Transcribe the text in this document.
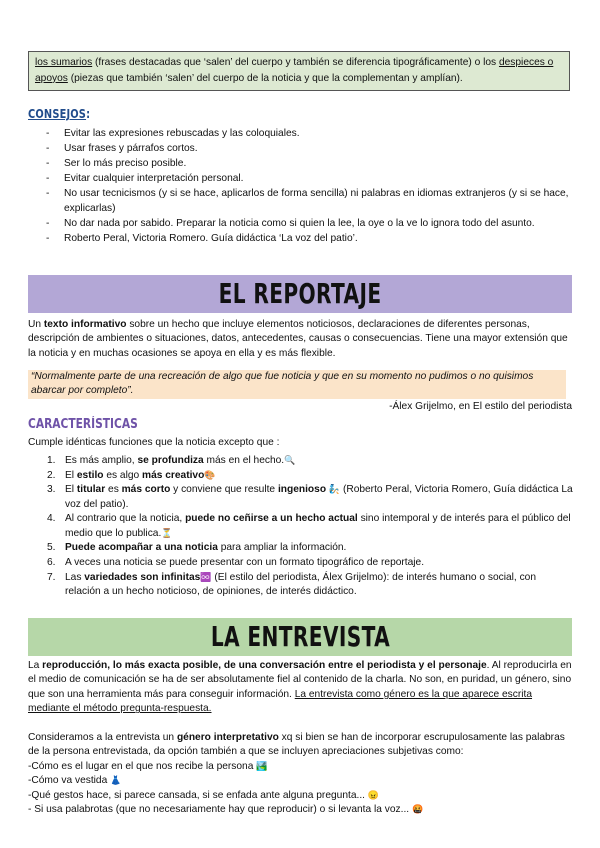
los sumarios (frases destacadas que ‘salen’ del cuerpo y también se diferencia tipográficamente) o los despieces o apoyos (piezas que también ‘salen’ del cuerpo de la noticia y que la complementan y amplían).
CONSEJOS:
- Evitar las expresiones rebuscadas y las coloquiales.
- Usar frases y párrafos cortos.
- Ser lo más preciso posible.
- Evitar cualquier interpretación personal.
- No usar tecnicismos (y si se hace, aplicarlos de forma sencilla) ni palabras en idiomas extranjeros (y si se hace, explicarlas)
- No dar nada por sabido. Preparar la noticia como si quien la lee, la oye o la ve lo ignora todo del asunto.
- Roberto Peral, Victoria Romero. Guía didáctica ‘La voz del patio’.
EL REPORTAJE

Un texto informativo sobre un hecho que incluye elementos noticiosos, declaraciones de diferentes personas, descripción de ambientes o situaciones, datos, antecedentes, causas o consecuencias. Tiene una mayor extensión que la noticia y en muchas ocasiones se apoya en ella y es más flexible.

“Normalmente parte de una recreación de algo que fue noticia y que en su momento no pudimos o no quisimos abarcar por completo”.
-Álex Grijelmo, en El estilo del periodista
CARACTERÍSTICAS

Cumple idénticas funciones que la noticia excepto que :

1. Es más amplio, se profundiza más en el hecho.🔍
2. El estilo es algo más creativo🎨
3. El titular es más corto y conviene que resulte ingenioso 🧞 (Roberto Peral, Victoria Romero, Guía didáctica La voz del patio).
4. Al contrario que la noticia, puede no ceñirse a un hecho actual sino intemporal y de interés para el público del medio que lo publica.⏳
5. Puede acompañar a una noticia para ampliar la información.
6. A veces una noticia se puede presentar con un formato tipográfico de reportaje.
7. Las variedades son infinitas♾️ (El estilo del periodista, Álex Grijelmo): de interés humano o social, con relación a un hecho noticioso, de opiniones, de interés didáctico.
LA ENTREVISTA

La reproducción, lo más exacta posible, de una conversación entre el periodista y el personaje. Al reproducirla en el medio de comunicación se ha de ser absolutamente fiel al contenido de la charla. No son, en puridad, un género, sino que son una herramienta más para conseguir información. La entrevista como género es la que aparece escrita mediante el método pregunta-respuesta.

Consideramos a la entrevista un género interpretativo xq si bien se han de incorporar escrupulosamente las palabras de la persona entrevistada, da opción también a que se incluyen apreciaciones subjetivas como:
-Cómo es el lugar en el que nos recibe la persona 🏞️
-Cómo va vestida 👗
-Qué gestos hace, si parece cansada, si se enfada ante alguna pregunta... 😠
- Si usa palabrotas (que no necesariamente hay que reproducir) o si levanta la voz... 🤬
